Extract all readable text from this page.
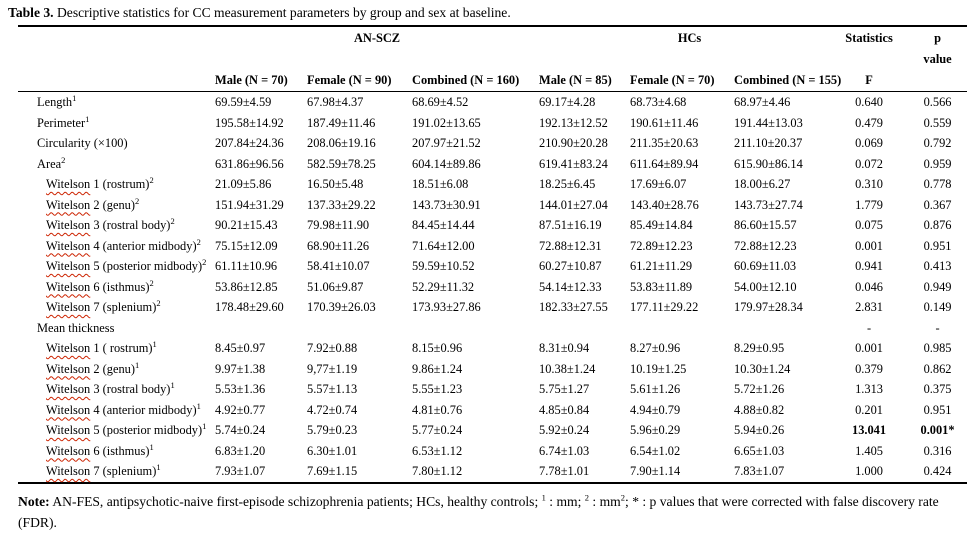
Table 3. Descriptive statistics for CC measurement parameters by group and sex at baseline.
	AN-SCZ			HCs			Statistics	p
								value
	Male (N = 70)	Female (N = 90)	Combined (N = 160)	Male (N = 85)	Female (N = 70)	Combined (N = 155)	F	
Length$^1$	69.59±4.59	67.98±4.37	68.69±4.52	69.17±4.28	68.73±4.68	68.97±4.46	0.640	0.566
Perimeter$^1$	195.58±14.92	187.49±11.46	191.02±13.65	192.13±12.52	190.61±11.46	191.44±13.03	0.479	0.559
Circularity (×100)	207.84±24.36	208.06±19.16	207.97±21.52	210.90±20.28	211.35±20.63	211.10±20.37	0.069	0.792
Area$^2$	631.86±96.56	582.59±78.25	604.14±89.86	619.41±83.24	611.64±89.94	615.90±86.14	0.072	0.959
Witelson 1 (rostrum)$^2$	21.09±5.86	16.50±5.48	18.51±6.08	18.25±6.45	17.69±6.07	18.00±6.27	0.310	0.778
Witelson 2 (genu)$^2$	151.94±31.29	137.33±29.22	143.73±30.91	144.01±27.04	143.40±28.76	143.73±27.74	1.779	0.367
Witelson 3 (rostral body)$^2$	90.21±15.43	79.98±11.90	84.45±14.44	87.51±16.19	85.49±14.84	86.60±15.57	0.075	0.876
Witelson 4 (anterior midbody)$^2$	75.15±12.09	68.90±11.26	71.64±12.00	72.88±12.31	72.89±12.23	72.88±12.23	0.001	0.951
Witelson 5 (posterior midbody)$^2$	61.11±10.96	58.41±10.07	59.59±10.52	60.27±10.87	61.21±11.29	60.69±11.03	0.941	0.413
Witelson 6 (isthmus)$^2$	53.86±12.85	51.06±9.87	52.29±11.32	54.14±12.33	53.83±11.89	54.00±12.10	0.046	0.949
Witelson 7 (splenium)$^2$	178.48±29.60	170.39±26.03	173.93±27.86	182.33±27.55	177.11±29.22	179.97±28.34	2.831	0.149
Mean thickness							-	-
Witelson 1 ( rostrum)$^1$	8.45±0.97	7.92±0.88	8.15±0.96	8.31±0.94	8.27±0.96	8.29±0.95	0.001	0.985
Witelson 2 (genu)$^1$	9.97±1.38	9,77±1.19	9.86±1.24	10.38±1.24	10.19±1.25	10.30±1.24	0.379	0.862
Witelson 3 (rostral body)$^1$	5.53±1.36	5.57±1.13	5.55±1.23	5.75±1.27	5.61±1.26	5.72±1.26	1.313	0.375
Witelson 4 (anterior midbody)$^1$	4.92±0.77	4.72±0.74	4.81±0.76	4.85±0.84	4.94±0.79	4.88±0.82	0.201	0.951
Witelson 5 (posterior midbody)$^1$	5.74±0.24	5.79±0.23	5.77±0.24	5.92±0.24	5.96±0.29	5.94±0.26	13.041	0.001*
Witelson 6 (isthmus)$^1$	6.83±1.20	6.30±1.01	6.53±1.12	6.74±1.03	6.54±1.02	6.65±1.03	1.405	0.316
Witelson 7 (splenium)$^1$	7.93±1.07	7.69±1.15	7.80±1.12	7.78±1.01	7.90±1.14	7.83±1.07	1.000	0.424
Note: AN-FES, antipsychotic-naive first-episode schizophrenia patients; HCs, healthy controls; $^1$ : mm; $^2$ : $mm^2$; * : p values that were corrected with false discovery rate (FDR).
